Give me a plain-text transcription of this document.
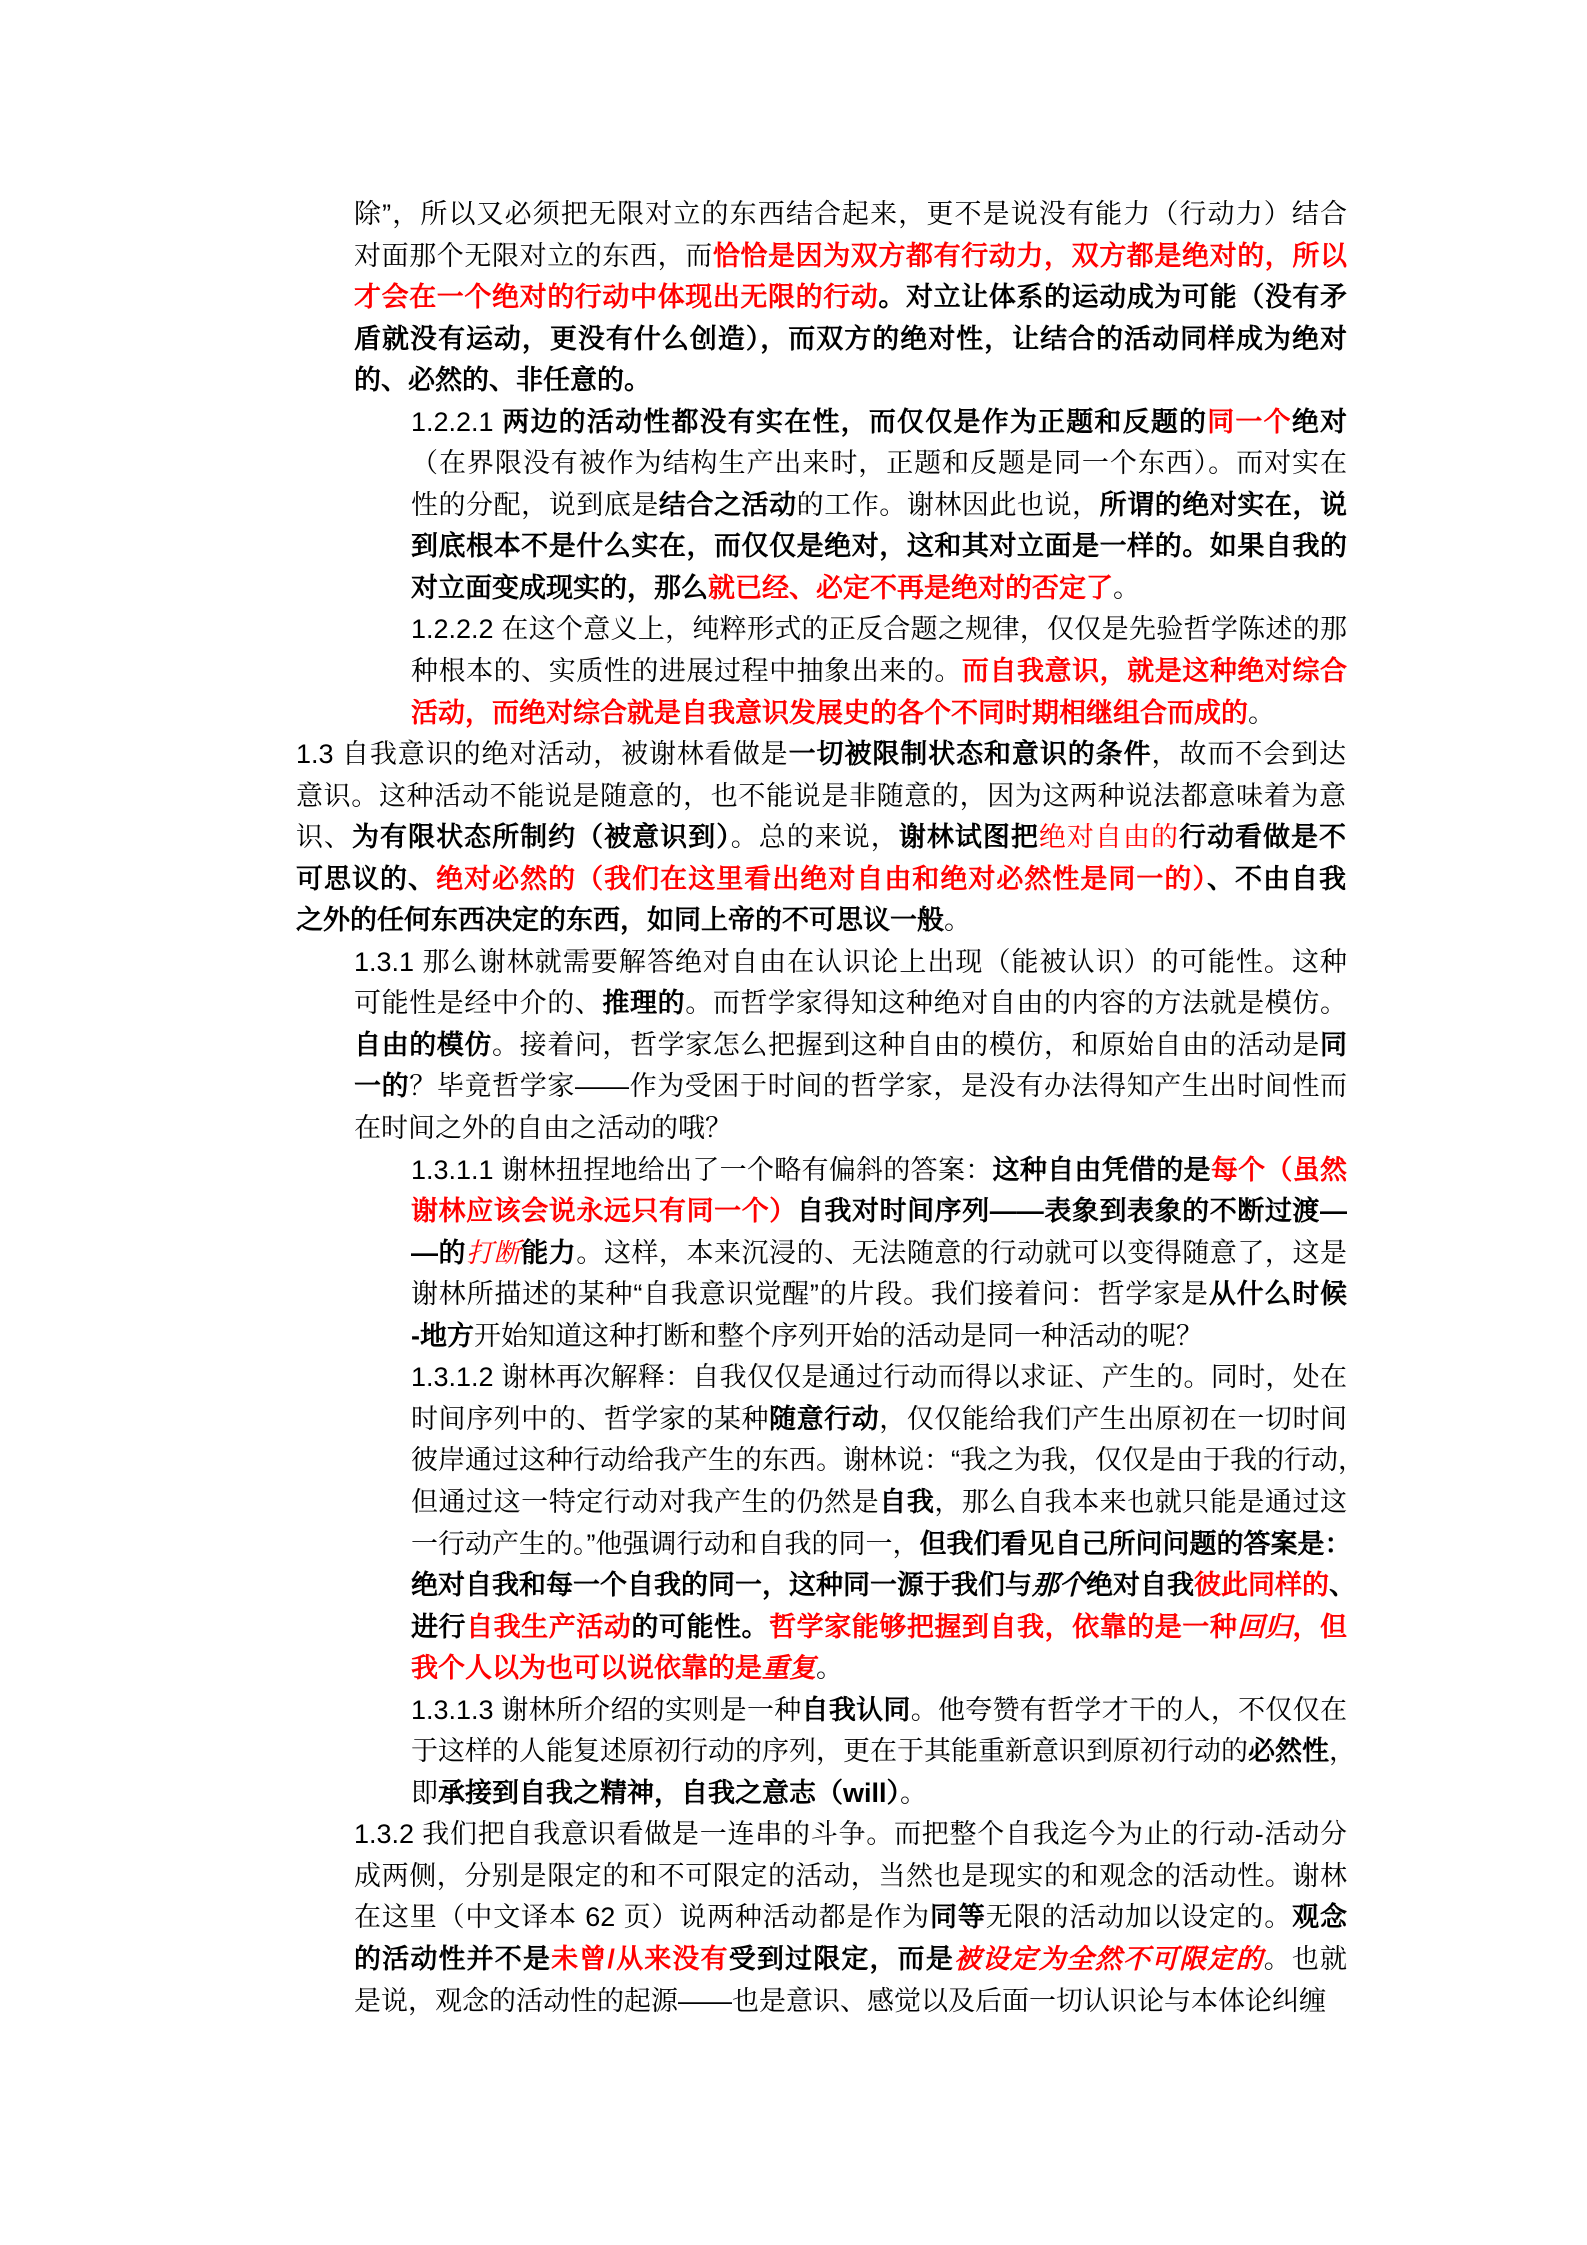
除”，所以又必须把无限对立的东西结合起来，更不是说没有能力（行动力）结合
对面那个无限对立的东西，而恰恰是因为双方都有行动力，双方都是绝对的，所以
才会在一个绝对的行动中体现出无限的行动。对立让体系的运动成为可能（没有矛
盾就没有运动，更没有什么创造），而双方的绝对性，让结合的活动同样成为绝对
的、必然的、非任意的。
1.2.2.1 两边的活动性都没有实在性，而仅仅是作为正题和反题的同一个绝对
（在界限没有被作为结构生产出来时，正题和反题是同一个东西）。而对实在
性的分配，说到底是结合之活动的工作。谢林因此也说，所谓的绝对实在，说
到底根本不是什么实在，而仅仅是绝对，这和其对立面是一样的。如果自我的
对立面变成现实的，那么就已经、必定不再是绝对的否定了。
1.2.2.2 在这个意义上，纯粹形式的正反合题之规律，仅仅是先验哲学陈述的那
种根本的、实质性的进展过程中抽象出来的。而自我意识，就是这种绝对综合
活动，而绝对综合就是自我意识发展史的各个不同时期相继组合而成的。
1.3 自我意识的绝对活动，被谢林看做是一切被限制状态和意识的条件，故而不会到达
意识。这种活动不能说是随意的，也不能说是非随意的，因为这两种说法都意味着为意
识、为有限状态所制约（被意识到）。总的来说，谢林试图把绝对自由的行动看做是不
可思议的、绝对必然的（我们在这里看出绝对自由和绝对必然性是同一的）、不由自我
之外的任何东西决定的东西，如同上帝的不可思议一般。
1.3.1 那么谢林就需要解答绝对自由在认识论上出现（能被认识）的可能性。这种
可能性是经中介的、推理的。而哲学家得知这种绝对自由的内容的方法就是模仿。
自由的模仿。接着问，哲学家怎么把握到这种自由的模仿，和原始自由的活动是同
一的？毕竟哲学家——作为受困于时间的哲学家，是没有办法得知产生出时间性而
在时间之外的自由之活动的哦？
1.3.1.1 谢林扭捏地给出了一个略有偏斜的答案：这种自由凭借的是每个（虽然
谢林应该会说永远只有同一个）自我对时间序列——表象到表象的不断过渡—
—的打断能力。这样，本来沉浸的、无法随意的行动就可以变得随意了，这是
谢林所描述的某种“自我意识觉醒”的片段。我们接着问：哲学家是从什么时候
-地方开始知道这种打断和整个序列开始的活动是同一种活动的呢？
1.3.1.2 谢林再次解释：自我仅仅是通过行动而得以求证、产生的。同时，处在
时间序列中的、哲学家的某种随意行动，仅仅能给我们产生出原初在一切时间
彼岸通过这种行动给我产生的东西。谢林说：“我之为我，仅仅是由于我的行动，
但通过这一特定行动对我产生的仍然是自我，那么自我本来也就只能是通过这
一行动产生的。”他强调行动和自我的同一，但我们看见自己所问问题的答案是：
绝对自我和每一个自我的同一，这种同一源于我们与那个绝对自我彼此同样的、
进行自我生产活动的可能性。哲学家能够把握到自我，依靠的是一种回归，但
我个人以为也可以说依靠的是重复。
1.3.1.3 谢林所介绍的实则是一种自我认同。他夸赞有哲学才干的人，不仅仅在
于这样的人能复述原初行动的序列，更在于其能重新意识到原初行动的必然性，
即承接到自我之精神，自我之意志（will）。
1.3.2 我们把自我意识看做是一连串的斗争。而把整个自我迄今为止的行动-活动分
成两侧，分别是限定的和不可限定的活动，当然也是现实的和观念的活动性。谢林
在这里（中文译本 62 页）说两种活动都是作为同等无限的活动加以设定的。观念
的活动性并不是未曾/从来没有受到过限定，而是被设定为全然不可限定的。也就
是说，观念的活动性的起源——也是意识、感觉以及后面一切认识论与本体论纠缠
